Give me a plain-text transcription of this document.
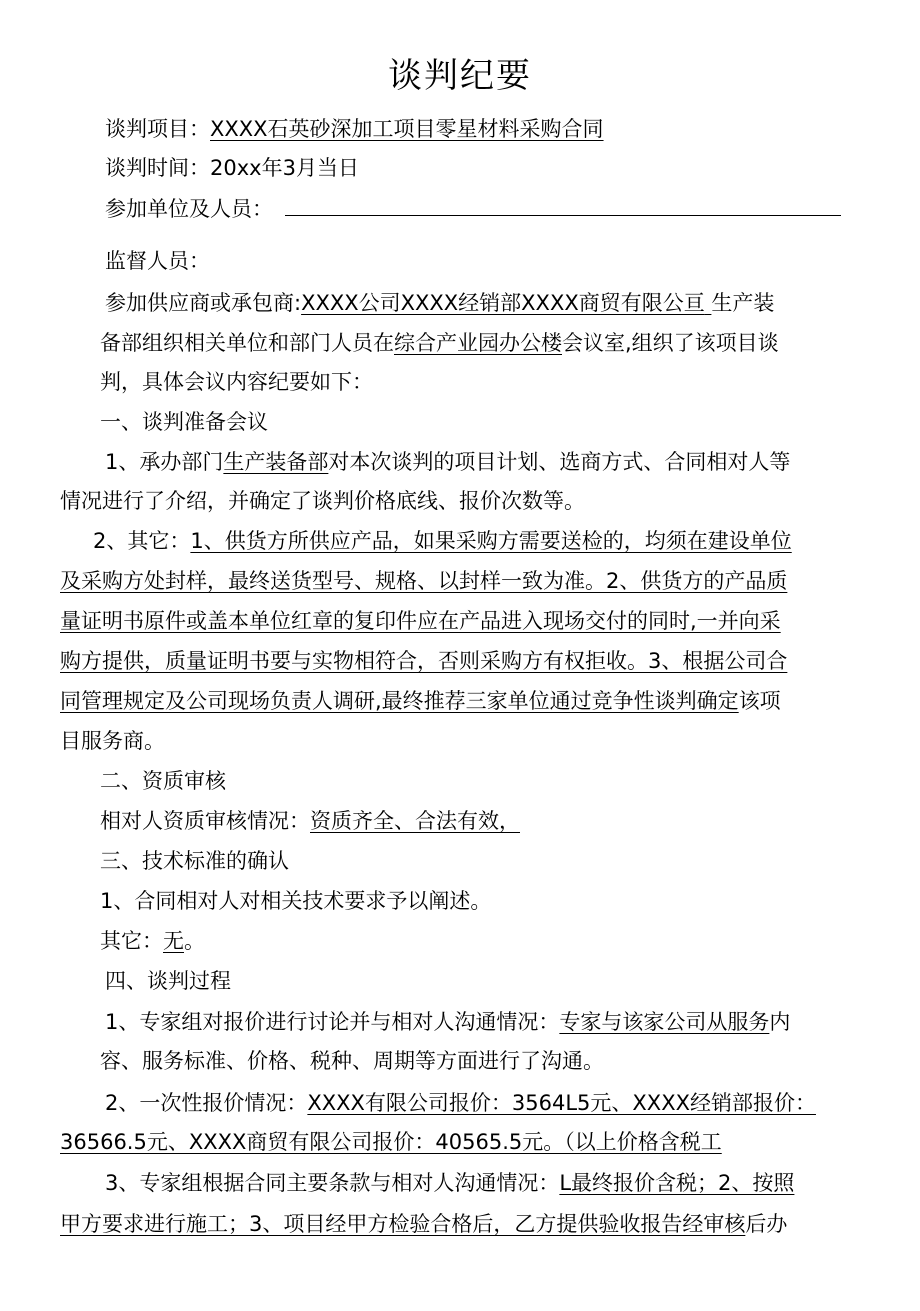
谈判纪要
谈判项目：XXXX石英砂深加工项目零星材料采购合同
谈判时间：20xx年3月当日
参加单位及人员：
监督人员：
参加供应商或承包商:XXXX公司XXXX经销部XXXX商贸有限公亘 生产装
备部组织相关单位和部门人员在综合产业园办公楼会议室,组织了该项目谈
判，具体会议内容纪要如下：
一、谈判准备会议
1、承办部门生产装备部对本次谈判的项目计划、选商方式、合同相对人等
情况进行了介绍，并确定了谈判价格底线、报价次数等。
2、其它：1、供货方所供应产品，如果采购方需要送检的，均须在建设单位
及采购方处封样，最终送货型号、规格、以封样一致为准。2、供货方的产品质
量证明书原件或盖本单位红章的复印件应在产品进入现场交付的同时,一并向采
购方提供，质量证明书要与实物相符合，否则采购方有权拒收。3、根据公司合
同管理规定及公司现场负责人调研,最终推荐三家单位通过竞争性谈判确定该项
目服务商。
二、资质审核
相对人资质审核情况：资质齐全、合法有效，
三、技术标准的确认
1、合同相对人对相关技术要求予以阐述。
其它：无。
四、谈判过程
1、专家组对报价进行讨论并与相对人沟通情况：专家与该家公司从服务内
容、服务标准、价格、税种、周期等方面进行了沟通。
2、一次性报价情况：XXXX有限公司报价：3564L5元、XXXX经销部报价：
36566.5元、XXXX商贸有限公司报价：40565.5元。（以上价格含税工
3、专家组根据合同主要条款与相对人沟通情况：L最终报价含税；2、按照
甲方要求进行施工；3、项目经甲方检验合格后，乙方提供验收报告经审核后办
